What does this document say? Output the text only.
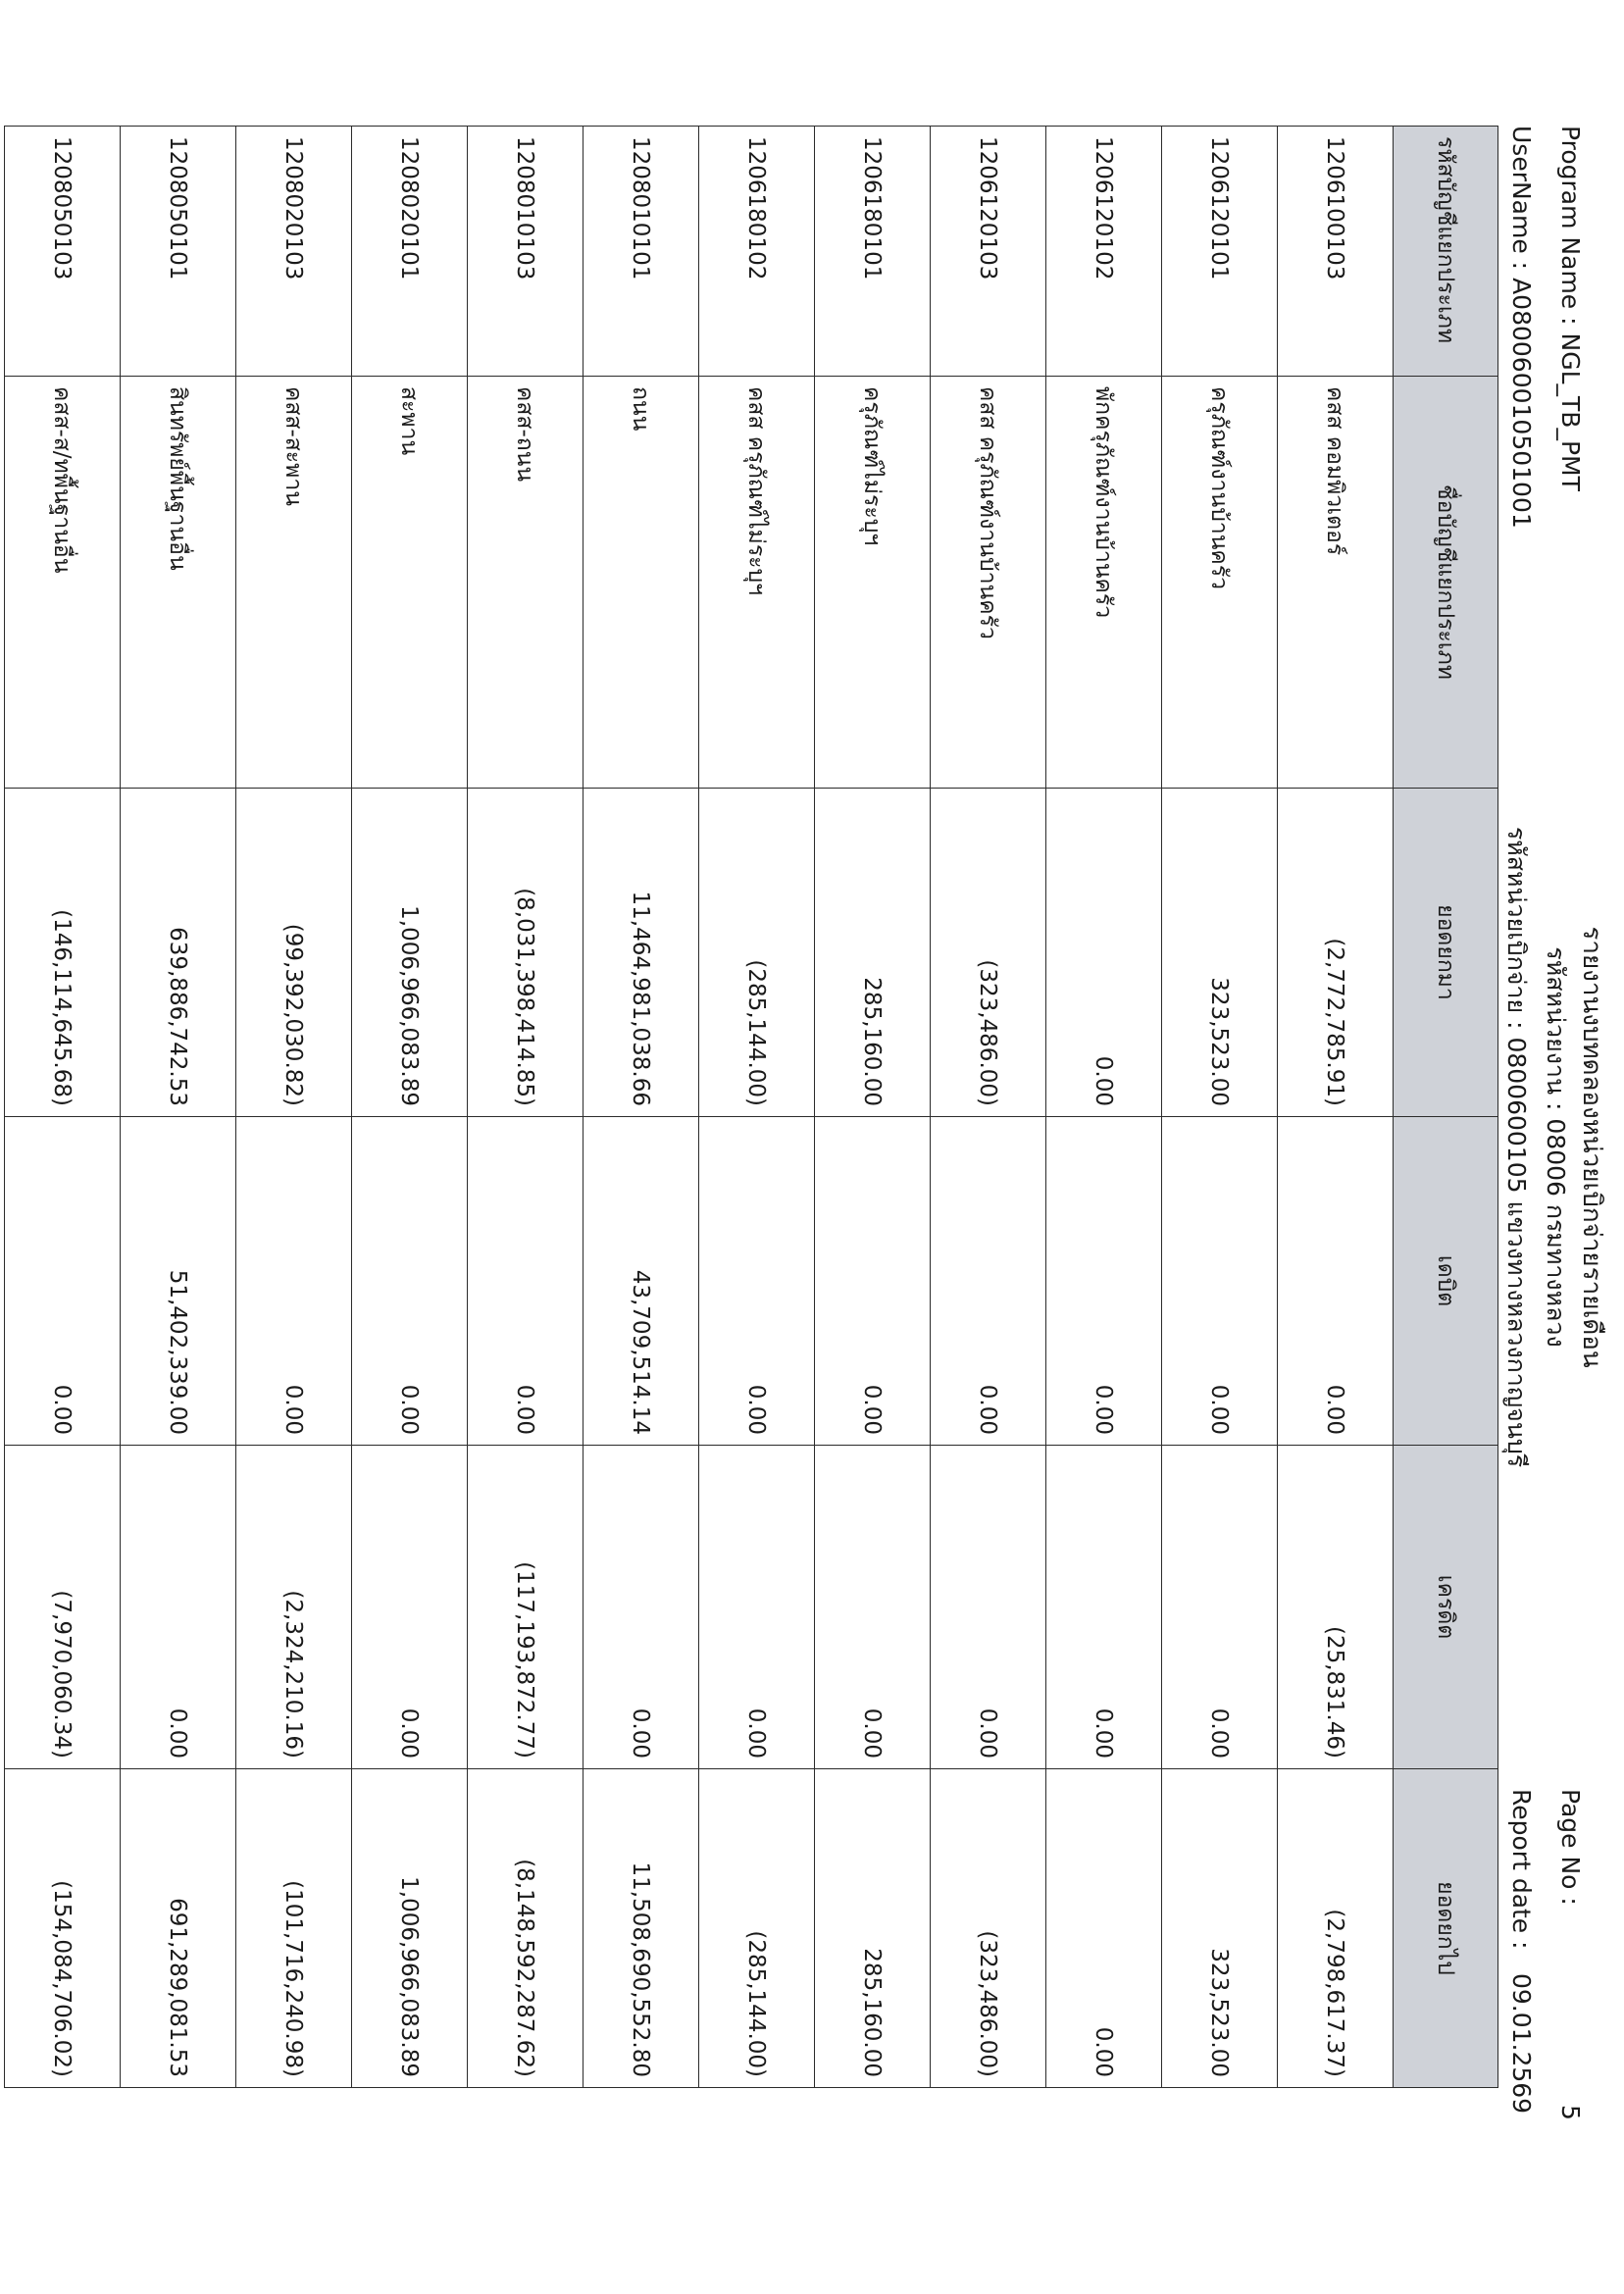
Program Name : NGL_TB_PMT
UserName : A080060010501001
รายงานงบทดลองหน่วยเบิกจ่ายรายเดือน
รหัสหน่วยงาน : 08006 กรมทางหลวง
รหัสหน่วยเบิกจ่าย : 0800600105 แขวงทางหลวงกาญจนบุรี
Page No : 5
Report date : 09.01.2569

รหัสบัญชีแยกประเภท	ชื่อบัญชีแยกประเภท	ยอดยกมา	เดบิต	เครดิต	ยอดยกไป
1206100103	คสส คอมพิวเตอร์	(2,772,785.91)	0.00	(25,831.46)	(2,798,617.37)
1206120101	ครุภัณฑ์งานบ้านครัว	323,523.00	0.00	0.00	323,523.00
1206120102	พักครุภัณฑ์งานบ้านครัว	0.00	0.00	0.00	0.00
1206120103	คสส ครุภัณฑ์งานบ้านครัว	(323,486.00)	0.00	0.00	(323,486.00)
1206180101	ครุภัณฑ์ไม่ระบุฯ	285,160.00	0.00	0.00	285,160.00
1206180102	คสส ครุภัณฑ์ไม่ระบุฯ	(285,144.00)	0.00	0.00	(285,144.00)
1208010101	ถนน	11,464,981,038.66	43,709,514.14	0.00	11,508,690,552.80
1208010103	คสส-ถนน	(8,031,398,414.85)	0.00	(117,193,872.77)	(8,148,592,287.62)
1208020101	สะพาน	1,006,966,083.89	0.00	0.00	1,006,966,083.89
1208020103	คสส-สะพาน	(99,392,030.82)	0.00	(2,324,210.16)	(101,716,240.98)
1208050101	สินทรัพย์พื้นฐานอื่น	639,886,742.53	51,402,339.00	0.00	691,289,081.53
1208050103	คสส-ส/ทพื้นฐานอื่น	(146,114,645.68)	0.00	(7,970,060.34)	(154,084,706.02)
